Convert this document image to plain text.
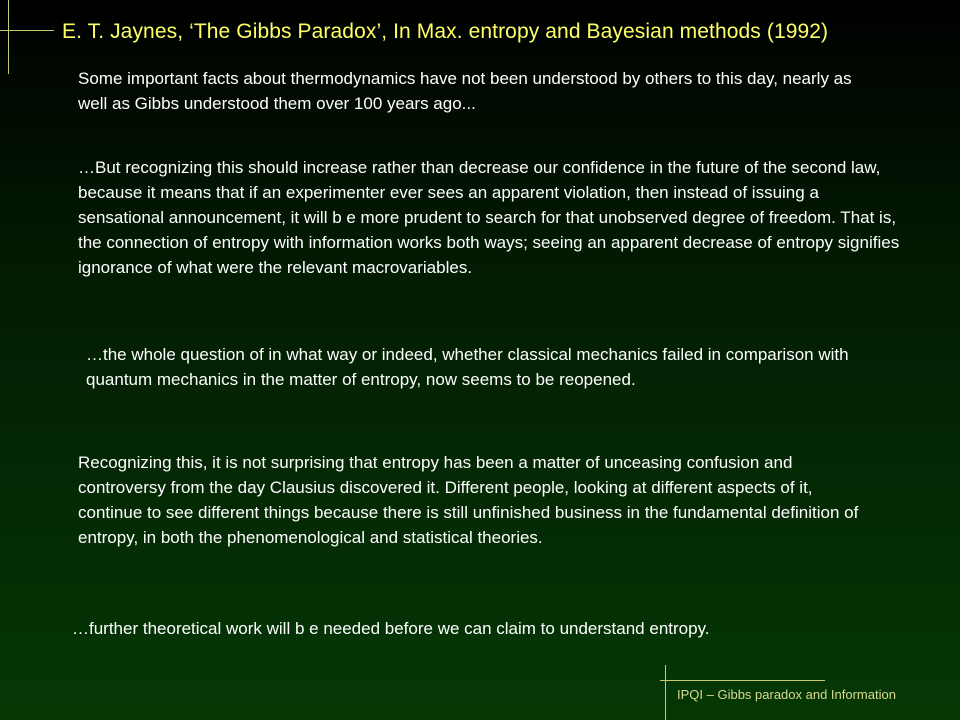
E. T. Jaynes, ‘The Gibbs Paradox’, In Max. entropy and Bayesian methods (1992)

Some important facts about thermodynamics have not been understood by others to this day, nearly as well as Gibbs understood them over 100 years ago...

…But recognizing this should increase rather than decrease our confidence in the future of the second law, because it means that if an experimenter ever sees an apparent violation, then instead of issuing a sensational announcement, it will b e more prudent to search for that unobserved degree of freedom. That is, the connection of entropy with information works both ways; seeing an apparent decrease of entropy signifies ignorance of what were the relevant macrovariables.

…the whole question of in what way or indeed, whether classical mechanics failed in comparison with quantum mechanics in the matter of entropy, now seems to be reopened.

Recognizing this, it is not surprising that entropy has been a matter of unceasing confusion and controversy from the day Clausius discovered it. Different people, looking at different aspects of it, continue to see different things because there is still unfinished business in the fundamental definition of entropy, in both the phenomenological and statistical theories.

…further theoretical work will b e needed before we can claim to understand entropy.

IPQI – Gibbs paradox and Information
